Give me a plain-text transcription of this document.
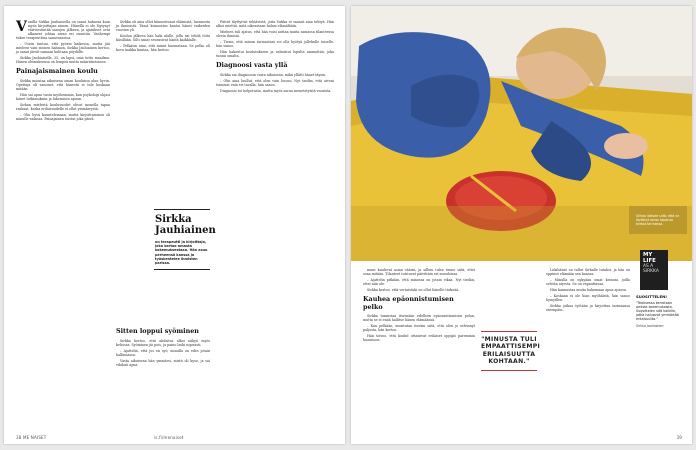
Vanilla Sirkka Jauhiaisella on sanat hukassa kuin myös kirjoittajan nimen. Hänellä ei ole löytynyt väriviestintää sanojen jälkeen, ja ajatukset ovat alkaneet johtaa aivan eri suuntiin. Vanhempi tukee terapeuttina sanavarastoa.

– Usein tuntuu, että pyörin kaikessa, mutta jää mieleen vain sinisen hahmon, Sirkka Jauhiainen kertoo, ja sanat jäivät samaan kohtaan pöydälle.

Sirkka Jauhiaiselle, 35, on lapsi, oma tuttu maailma. Hänen olemuksensa on lempeä mutta määrätietoinen.

Painajaismainen koulu

Sirkka muistaa aikuisena oman koulunsa alun hyvin. Opettaja oli sanonut, että hänestä ei tule koskaan mitään.

Hän sai apua vasta myöhemmin, kun psykologi ohjasi hänet tutkimuksiin ja lukemisen apuun.

Sirkan mielestä kouluvuodet olivat monella tapaa raskaat, koska erilaisuudelle ei ollut ymmärrystä.

– Olin hyvä kuuntelemaan, mutta kirjoittaminen oli minulle vaikeaa. Painajainen toistui joka päivä.

Sirkka oli aina ollut kiinnostunut eläimistä, luonnosta ja ihmisistä. Tämä kiinnostus kantoi hänet vaikeiden vuosien yli.

Koulun jälkeen hän haki alalle, jolla sai tehdä töitä käsillään. Silti sanat seurasivat häntä kaikkialle.

– Pelkäsin aina, että minut huomataan. Se pelko oli kova taakka kantaa, hän kertoo.

Sitten loppui syöminen

Sirkka kertoo, että ahdistus alkoi näkyä myös kehossa. Syöminen jäi pois, ja paino laski nopeasti.

– Ajattelin, että jos en syö, minulla on edes jotain hallinnassa.

Vasta aikuisena hän ymmärsi, mistä oli kyse, ja sai vihdoin apua.

Sirkka Jauhiainen
on terapeutti ja kirjoittaja, joka kertoo omasta kokemuksestaan. Hän asuu perheensä kanssa ja työskentelee ihmisten parissa.

Päivät täyttyivät tehtävistä, joita Sirkka ei saanut aina tehtyä. Hän alkoi miettiä, mitä oikeastaan halusi elämältään.

Mieleen tuli ajatus, että hän voisi auttaa muita samassa tilanteessa olevia ihmisiä.

– Tiesin, että minun tarinastani voi olla hyötyä jollekulle toiselle, hän sanoo.

Hän hakeutui koulutukseen ja valmistui lopulta ammattiin, joka tuntui omalta.

Diagnoosi vasta yllä

Sirkka sai diagnoosin vasta aikuisena, mikä yllätti hänet täysin.

– Olin aina luullut, että olen vain huono. Nyt tiedän, että aivoni toimivat vain eri tavalla, hän sanoo.

Diagnoosi toi helpotusta, mutta myös surua menetetyistä vuosista.

38 ME NAISET	is.fi/menaiset
Sirkka iloitsee siitä, että on löytänyt oman tapansa kertoa tarinansa.

muut kuulevat asian väärin, ja silloin tulee tunne siitä, ettei osaa mitään. Tilanteet toistuvat päivittäin eri muodoissa.

– Ajattelin pitkään, että minussa on jotain vikaa. Nyt tiedän, ettei niin ole.

Sirkka kertoo, että vertaistuki on ollut hänelle tärkeää.

Kauhea epäonnistumisen pelko

Sirkka tunnistaa itsessään edelleen epäonnistumisen pelon, mutta se ei enää hallitse hänen elämäänsä.

– Kun pelkään, muistutan itseäni siitä, että olen jo selvinnyt paljosta, hän kertoo.

Hän toivoo, että koulut ottaisivat erilaiset oppijat paremmin huomioon.	"MINUSTA TULI EMPAATTISEMPI ERILAISUUTTA KOHTAAN."

Lukihäiriö on tullut Sirkalle tutuksi, ja hän on oppinut elämään sen kanssa.

– Minulla on nykyään omat keinoni, joilla selviän arjesta. Se on vapauttavaa.

Hän kannustaa muita hakemaan apua ajoissa.

– Koskaan ei ole liian myöhäistä, hän sanoo hymyillen.

Sirkka jatkaa työtään ja kirjoittaa tarinaansa eteenpäin.

MY LIFE
AS A SIRKKA
SUOSITTELEN!
"Teoksessa kerrotaan omista kokemuksista. Suosittelen sitä kaikille, jotka haluavat ymmärtää erilaisuutta."
Sirkka Jauhiainen
39
